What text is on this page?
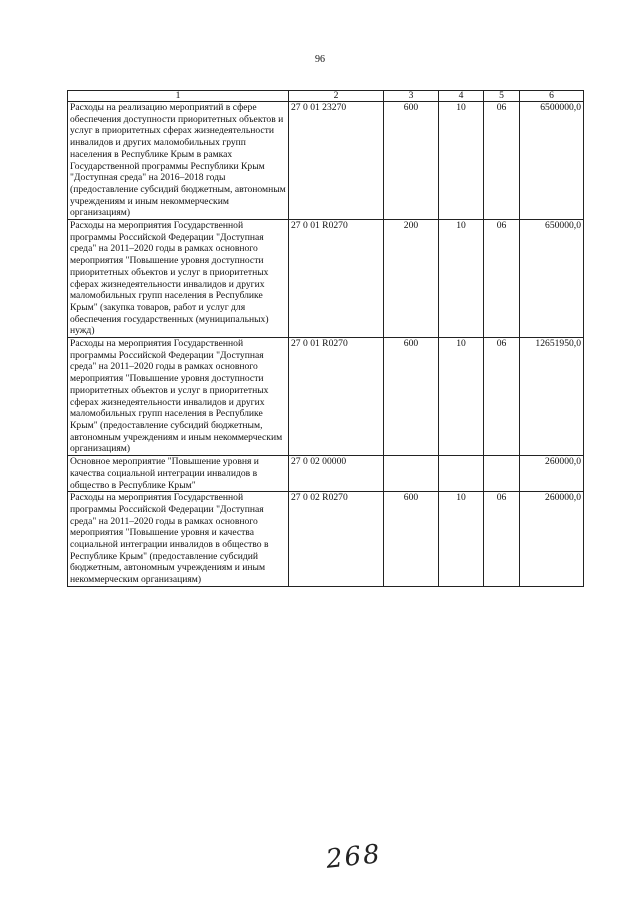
96
1	2	3	4	5	6
Расходы на реализацию мероприятий в сфере обеспечения доступности приоритетных объектов и услуг в приоритетных сферах жизнедеятельности инвалидов и других маломобильных групп населения в Республике Крым в рамках Государственной программы Республики Крым "Доступная среда" на 2016–2018 годы (предоставление субсидий бюджетным, автономным учреждениям и иным некоммерческим организациям)	27 0 01 23270	600	10	06	6500000,0
Расходы на мероприятия Государственной программы Российской Федерации "Доступная среда" на 2011–2020 годы в рамках основного мероприятия "Повышение уровня доступности приоритетных объектов и услуг в приоритетных сферах жизнедеятельности инвалидов и других маломобильных групп населения в Республике Крым" (закупка товаров, работ и услуг для обеспечения государственных (муниципальных) нужд)	27 0 01 R0270	200	10	06	650000,0
Расходы на мероприятия Государственной программы Российской Федерации "Доступная среда" на 2011–2020 годы в рамках основного мероприятия "Повышение уровня доступности приоритетных объектов и услуг в приоритетных сферах жизнедеятельности инвалидов и других маломобильных групп населения в Республике Крым" (предоставление субсидий бюджетным, автономным учреждениям и иным некоммерческим организациям)	27 0 01 R0270	600	10	06	12651950,0
Основное мероприятие "Повышение уровня и качества социальной интеграции инвалидов в общество в Республике Крым"	27 0 02 00000				260000,0
Расходы на мероприятия Государственной программы Российской Федерации "Доступная среда" на 2011–2020 годы в рамках основного мероприятия "Повышение уровня и качества социальной интеграции инвалидов в общество в Республике Крым" (предоставление субсидий бюджетным, автономным учреждениям и иным некоммерческим организациям)	27 0 02 R0270	600	10	06	260000,0
268
